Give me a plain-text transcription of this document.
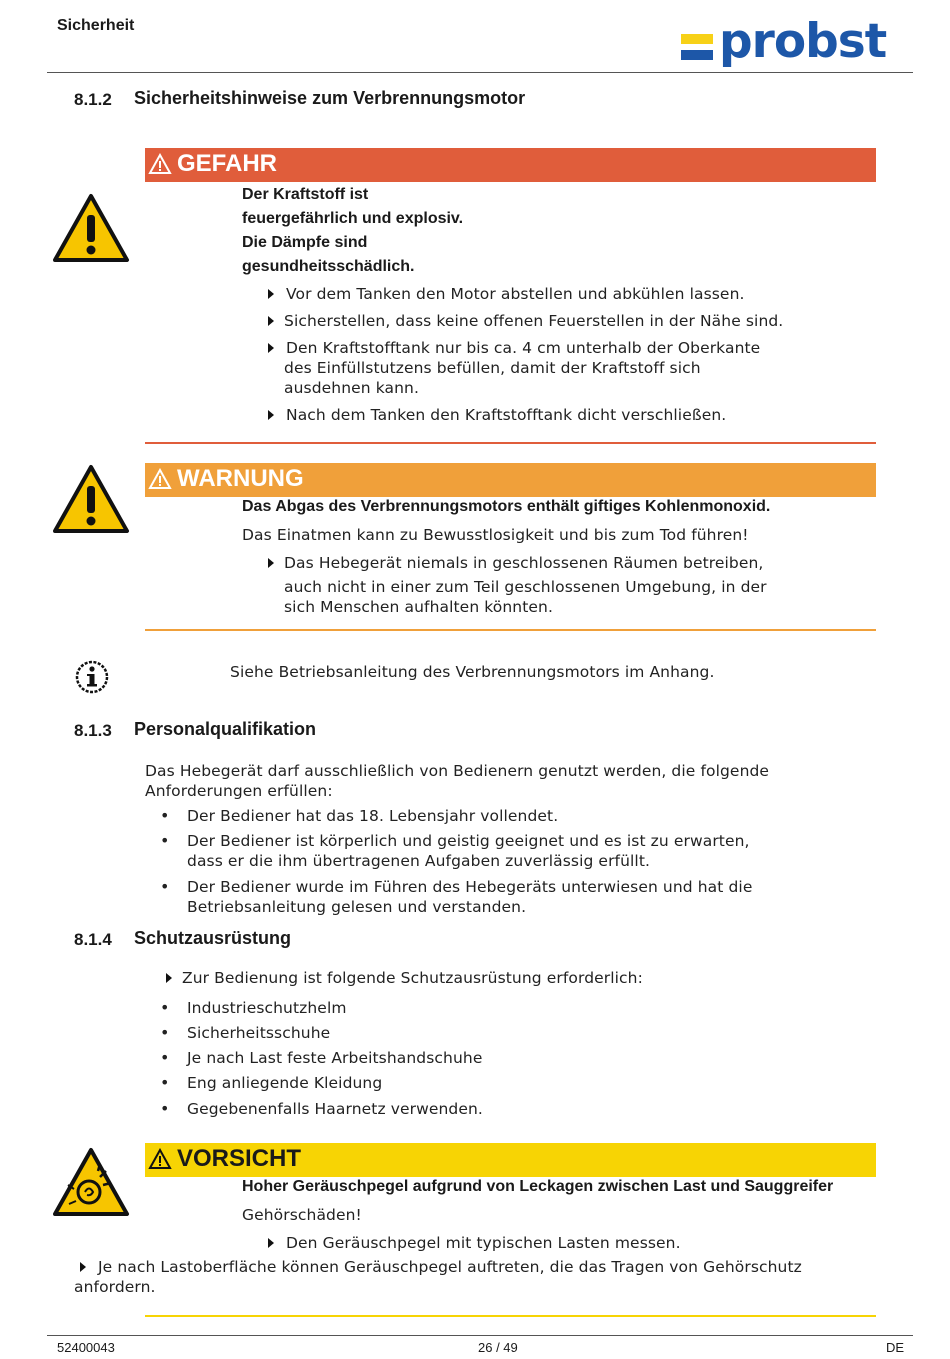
Sicherheit	probst
8.1.2 Sicherheitshinweise zum Verbrennungsmotor
GEFAHR
Der Kraftstoff ist
feuergefährlich und explosiv.
Die Dämpfe sind
gesundheitsschädlich.
Vor dem Tanken den Motor abstellen und abkühlen lassen.
Sicherstellen, dass keine offenen Feuerstellen in der Nähe sind.
Den Kraftstofftank nur bis ca. 4 cm unterhalb der Oberkante
des Einfüllstutzens befüllen, damit der Kraftstoff sich
ausdehnen kann.
Nach dem Tanken den Kraftstofftank dicht verschließen.
WARNUNG
Das Abgas des Verbrennungsmotors enthält giftiges Kohlenmonoxid.
Das Einatmen kann zu Bewusstlosigkeit und bis zum Tod führen!
Das Hebegerät niemals in geschlossenen Räumen betreiben,
auch nicht in einer zum Teil geschlossenen Umgebung, in der
sich Menschen aufhalten könnten.
Siehe Betriebsanleitung des Verbrennungsmotors im Anhang.
8.1.3 Personalqualifikation
Das Hebegerät darf ausschließlich von Bedienern genutzt werden, die folgende
Anforderungen erfüllen:
• Der Bediener hat das 18. Lebensjahr vollendet.
• Der Bediener ist körperlich und geistig geeignet und es ist zu erwarten,
dass er die ihm übertragenen Aufgaben zuverlässig erfüllt.
• Der Bediener wurde im Führen des Hebegeräts unterwiesen und hat die
Betriebsanleitung gelesen und verstanden.
8.1.4 Schutzausrüstung
Zur Bedienung ist folgende Schutzausrüstung erforderlich:
• Industrieschutzhelm
• Sicherheitsschuhe
• Je nach Last feste Arbeitshandschuhe
• Eng anliegende Kleidung
• Gegebenenfalls Haarnetz verwenden.
VORSICHT
Hoher Geräuschpegel aufgrund von Leckagen zwischen Last und Sauggreifer
Gehörschäden!
Den Geräuschpegel mit typischen Lasten messen.
Je nach Lastoberfläche können Geräuschpegel auftreten, die das Tragen von Gehörschutz
anfordern.
52400043	26 / 49	DE
